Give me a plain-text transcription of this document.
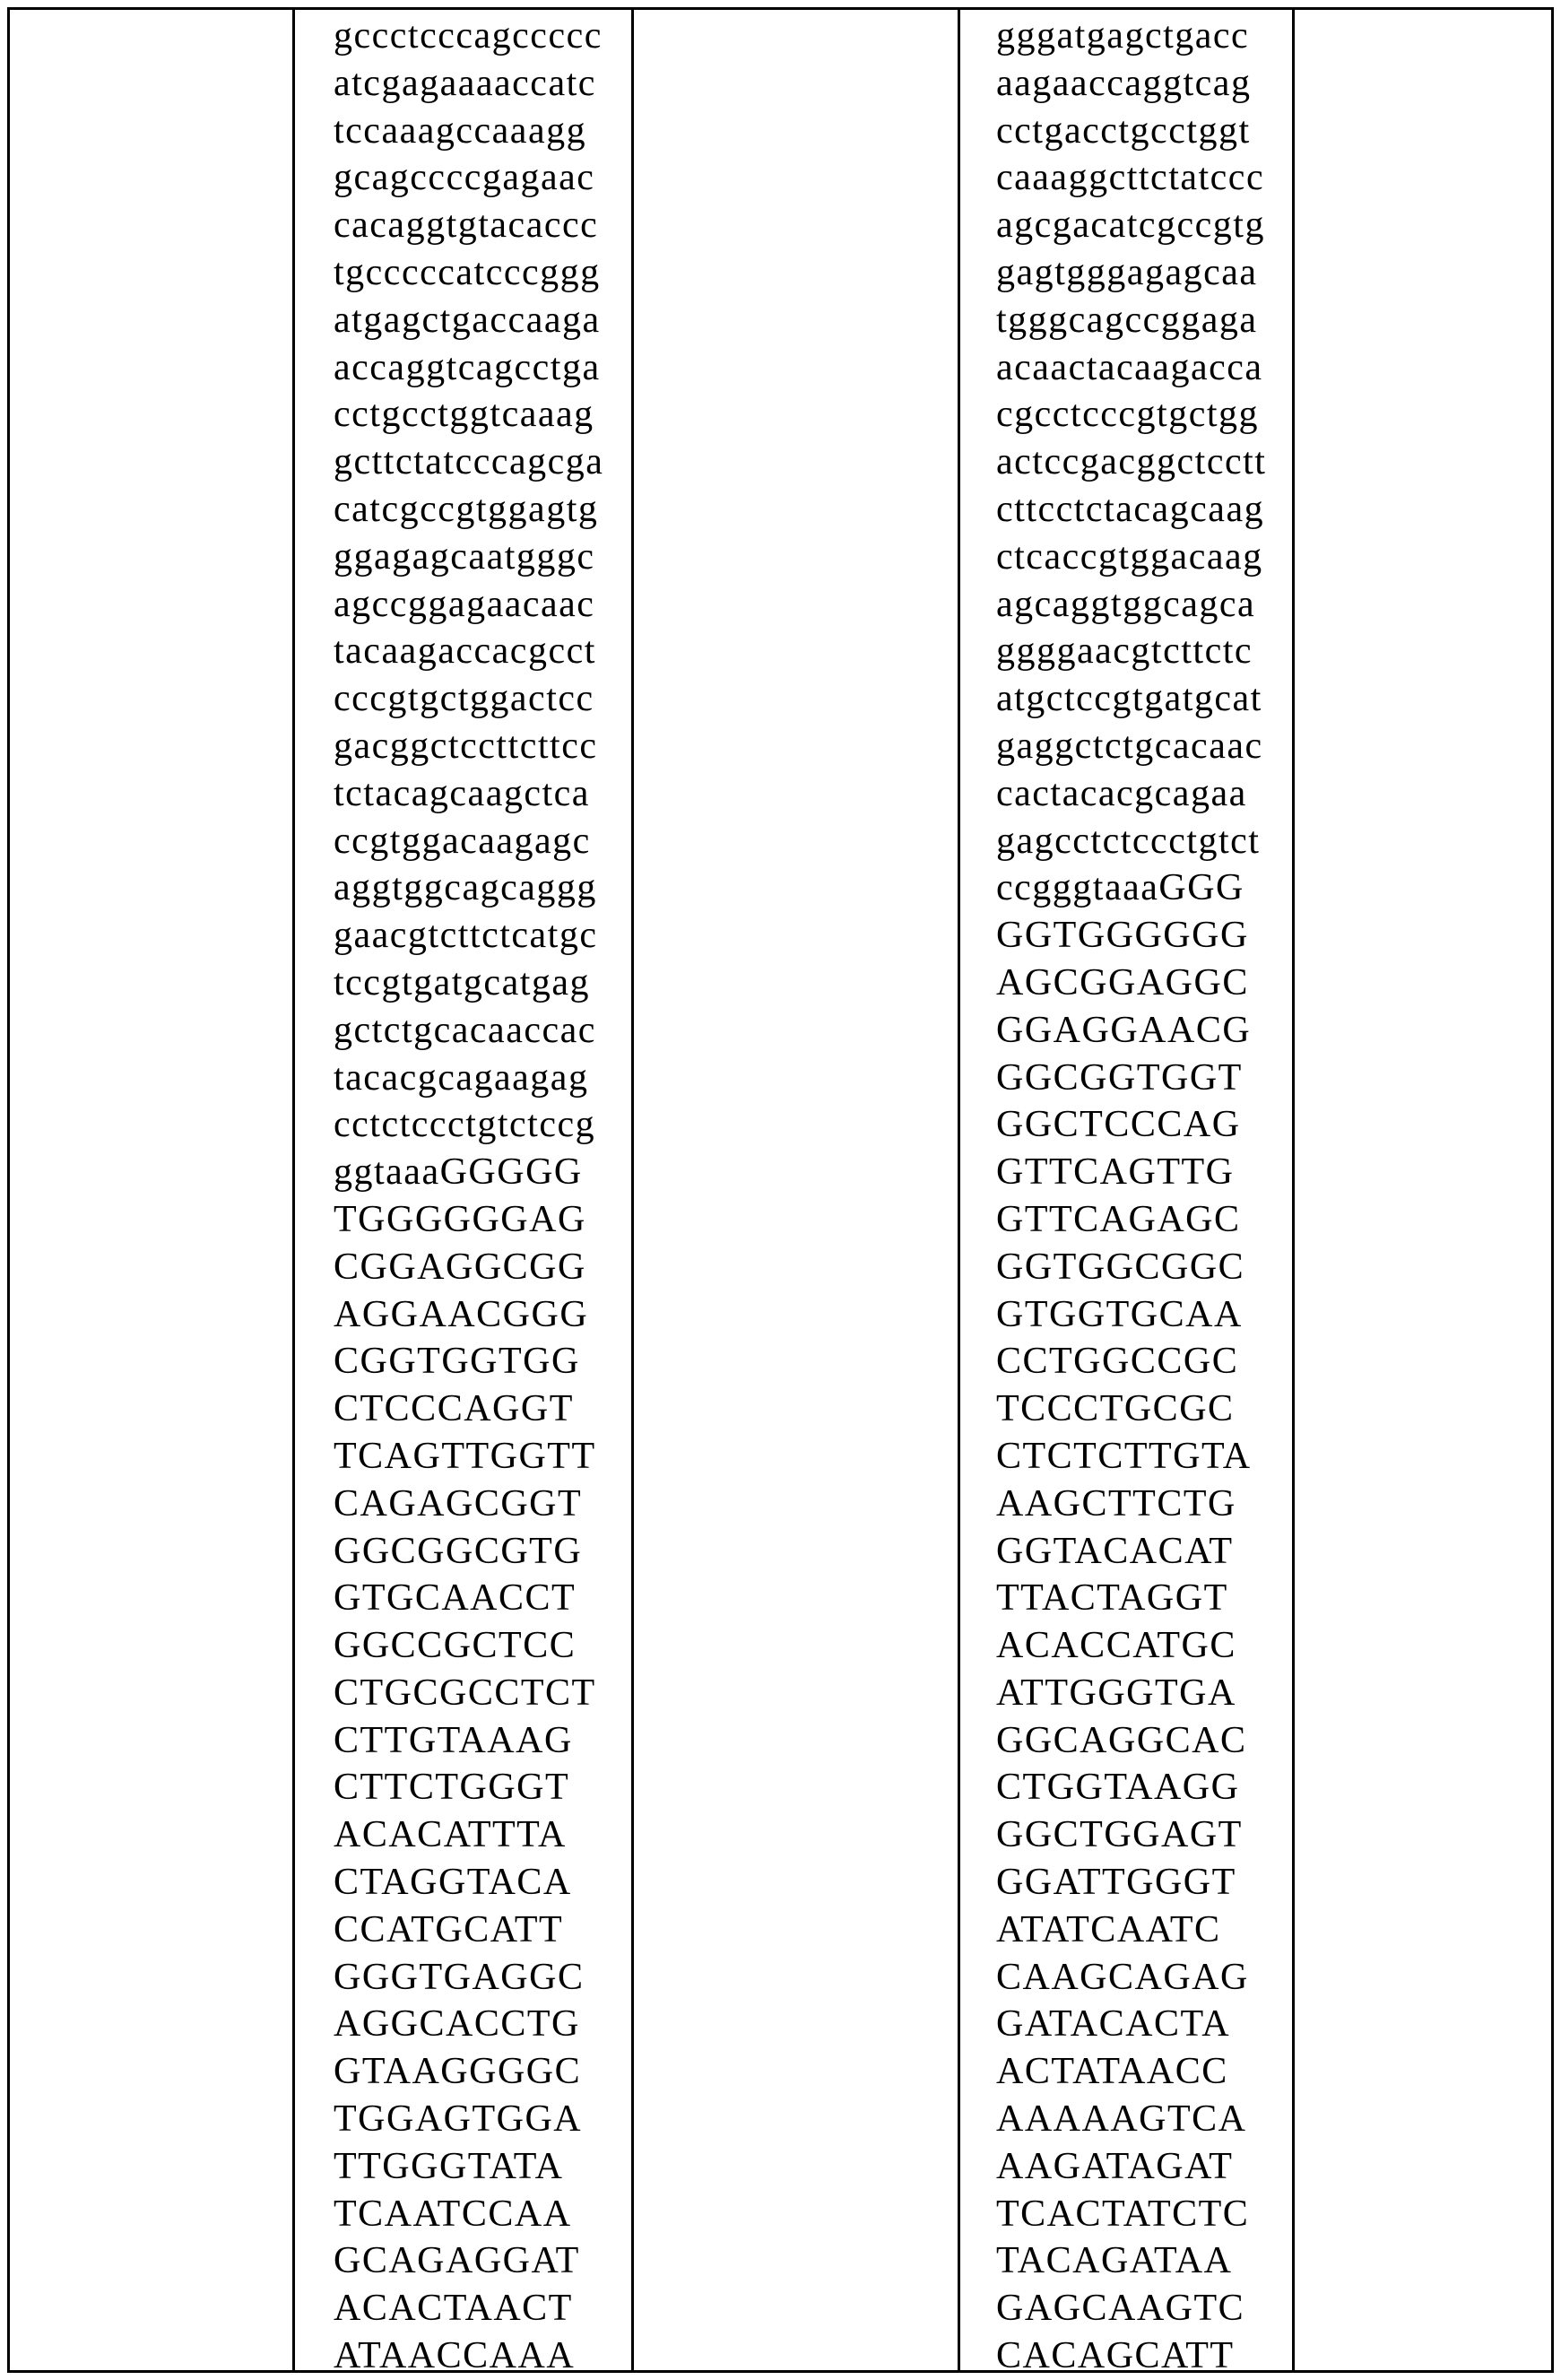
gccctcccagccccc
atcgagaaaaccatc
tccaaagccaaagg
gcagccccgagaac
cacaggtgtacaccc
tgcccccatcccggg
atgagctgaccaaga
accaggtcagcctga
cctgcctggtcaaag
gcttctatcccagcga
catcgccgtggagtg
ggagagcaatgggc
agccggagaacaac
tacaagaccacgcct
cccgtgctggactcc
gacggctccttcttcc
tctacagcaagctca
ccgtggacaagagc
aggtggcagcaggg
gaacgtcttctcatgc
tccgtgatgcatgag
gctctgcacaaccac
tacacgcagaagag
cctctccctgtctccg
ggtaaaGGGGG
TGGGGGGAG
CGGAGGCGG
AGGAACGGG
CGGTGGTGG
CTCCCAGGT
TCAGTTGGTT
CAGAGCGGT
GGCGGCGTG
GTGCAACCT
GGCCGCTCC
CTGCGCCTCT
CTTGTAAAG
CTTCTGGGT
ACACATTTA
CTAGGTACA
CCATGCATT
GGGTGAGGC
AGGCACCTG
GTAAGGGGC
TGGAGTGGA
TTGGGTATA
TCAATCCAA
GCAGAGGAT
ACACTAACT
ATAACCAAA
gggatgagctgacc
aagaaccaggtcag
cctgacctgcctggt
caaaggcttctatccc
agcgacatcgccgtg
gagtgggagagcaa
tgggcagccggaga
acaactacaagacca
cgcctcccgtgctgg
actccgacggctcctt
cttcctctacagcaag
ctcaccgtggacaag
agcaggtggcagca
ggggaacgtcttctc
atgctccgtgatgcat
gaggctctgcacaac
cactacacgcagaa
gagcctctccctgtct
ccgggtaaaGGG
GGTGGGGGG
AGCGGAGGC
GGAGGAACG
GGCGGTGGT
GGCTCCCAG
GTTCAGTTG
GTTCAGAGC
GGTGGCGGC
GTGGTGCAA
CCTGGCCGC
TCCCTGCGC
CTCTCTTGTA
AAGCTTCTG
GGTACACAT
TTACTAGGT
ACACCATGC
ATTGGGTGA
GGCAGGCAC
CTGGTAAGG
GGCTGGAGT
GGATTGGGT
ATATCAATC
CAAGCAGAG
GATACACTA
ACTATAACC
AAAAAGTCA
AAGATAGAT
TCACTATCTC
TACAGATAA
GAGCAAGTC
CACAGCATT
